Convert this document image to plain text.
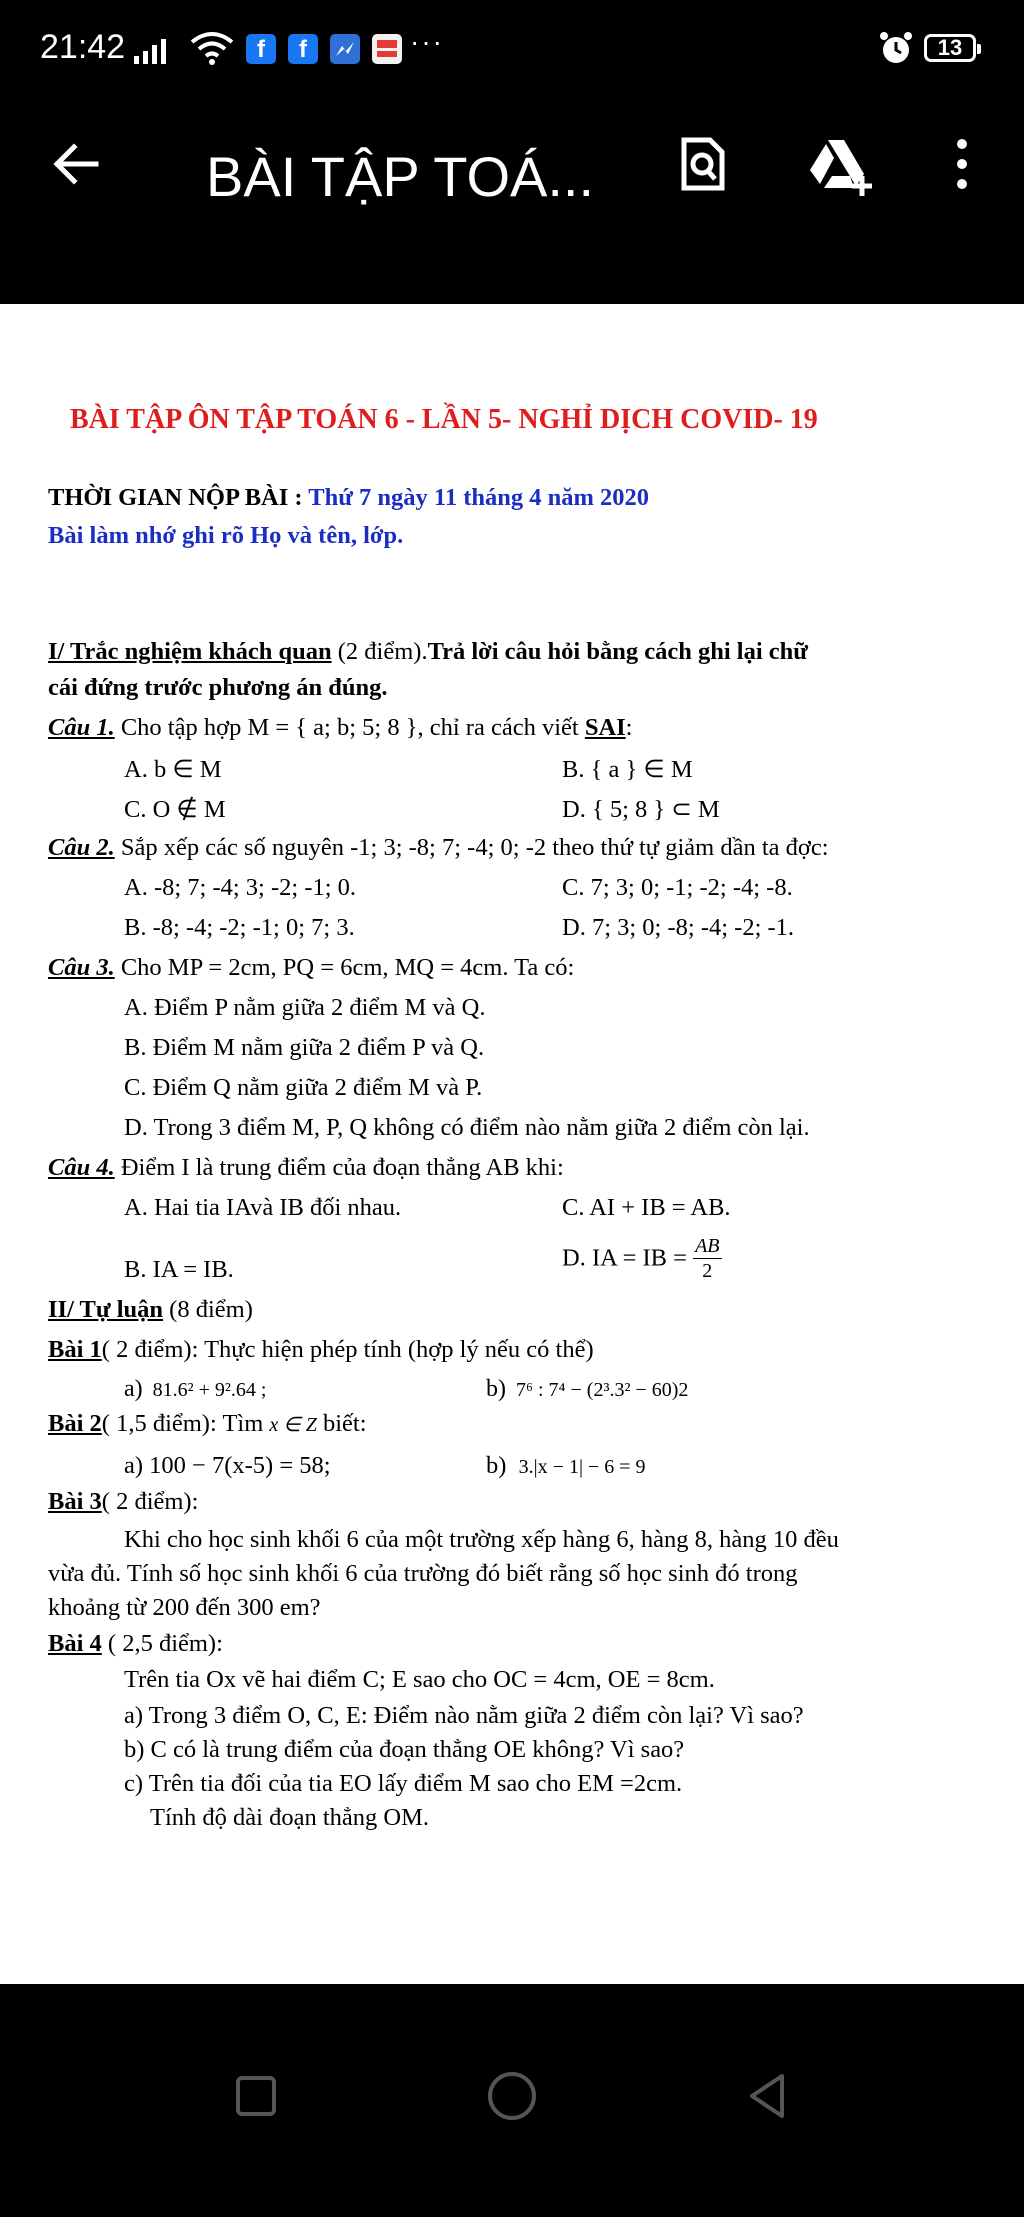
21:42	f	f	···	13
BÀI TẬP TOÁ...
BÀI TẬP ÔN TẬP TOÁN 6 - LẦN 5- NGHỈ DỊCH COVID- 19
THỜI GIAN NỘP BÀI : Thứ 7 ngày 11 tháng 4 năm 2020
Bài làm nhớ ghi rõ Họ và tên, lớp.
I/ Trắc nghiệm khách quan (2 điểm).Trả lời câu hỏi bằng cách ghi lại chữ
cái đứng trước phương án đúng.
Câu 1. Cho tập hợp M = { a; b; 5; 8 }, chỉ ra cách viết SAI:
A. b ∈ M	B. { a } ∈ M
C. O ∉ M	D. { 5; 8 } ⊂ M
Câu 2. Sắp xếp các số nguyên -1; 3; -8; 7; -4; 0; -2 theo thứ tự giảm dần ta đợc:
A. -8; 7; -4; 3; -2; -1; 0.	C. 7; 3; 0; -1; -2; -4; -8.
B. -8; -4; -2; -1; 0; 7; 3.	D. 7; 3; 0; -8; -4; -2; -1.
Câu 3. Cho MP = 2cm, PQ = 6cm, MQ = 4cm. Ta có:
A. Điểm P nằm giữa 2 điểm M và Q.
B. Điểm M nằm giữa 2 điểm P và Q.
C. Điểm Q nằm giữa 2 điểm M và P.
D. Trong 3 điểm M, P, Q không có điểm nào nằm giữa 2 điểm còn lại.
Câu 4. Điểm I là trung điểm của đoạn thẳng AB khi:
A. Hai tia IAvà IB đối nhau.	C. AI + IB = AB.
B. IA = IB.	D. IA = IB = $\frac{AB}{2}$
II/ Tự luận (8 điểm)
Bài 1( 2 điểm): Thực hiện phép tính (hợp lý nếu có thể)
a) 81.6² + 9².64 ;	b) 7⁶ : 7⁴ − (2³.3² − 60)2
Bài 2( 1,5 điểm): Tìm x ∈ Z biết:
a) 100 − 7(x-5) = 58;	b) 3.|x − 1| − 6 = 9
Bài 3( 2 điểm):
Khi cho học sinh khối 6 của một trường xếp hàng 6, hàng 8, hàng 10 đều
vừa đủ. Tính số học sinh khối 6 của trường đó biết rằng số học sinh đó trong
khoảng từ 200 đến 300 em?
Bài 4 ( 2,5 điểm):
Trên tia Ox vẽ hai điểm C; E sao cho OC = 4cm, OE = 8cm.
a) Trong 3 điểm O, C, E: Điểm nào nằm giữa 2 điểm còn lại? Vì sao?
b) C có là trung điểm của đoạn thẳng OE không? Vì sao?
c) Trên tia đối của tia EO lấy điểm M sao cho EM =2cm.
Tính độ dài đoạn thẳng OM.
